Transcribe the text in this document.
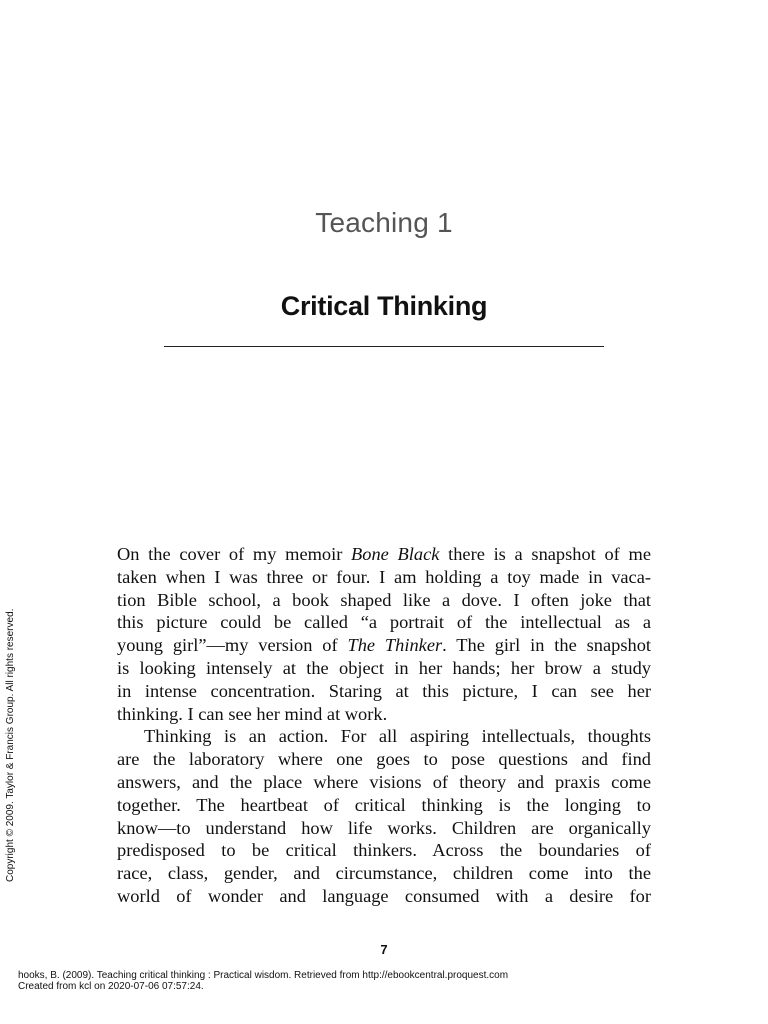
Teaching 1
Critical Thinking
On the cover of my memoir Bone Black there is a snapshot of me
taken when I was three or four. I am holding a toy made in vaca-
tion Bible school, a book shaped like a dove. I often joke that
this picture could be called “a portrait of the intellectual as a
young girl”—my version of The Thinker. The girl in the snapshot
is looking intensely at the object in her hands; her brow a study
in intense concentration. Staring at this picture, I can see her
thinking. I can see her mind at work.
Thinking is an action. For all aspiring intellectuals, thoughts
are the laboratory where one goes to pose questions and find
answers, and the place where visions of theory and praxis come
together. The heartbeat of critical thinking is the longing to
know—to understand how life works. Children are organically
predisposed to be critical thinkers. Across the boundaries of
race, class, gender, and circumstance, children come into the
world of wonder and language consumed with a desire for
Copyright © 2009. Taylor & Francis Group. All rights reserved.
7
hooks, B. (2009). Teaching critical thinking : Practical wisdom. Retrieved from http://ebookcentral.proquest.com
Created from kcl on 2020-07-06 07:57:24.
